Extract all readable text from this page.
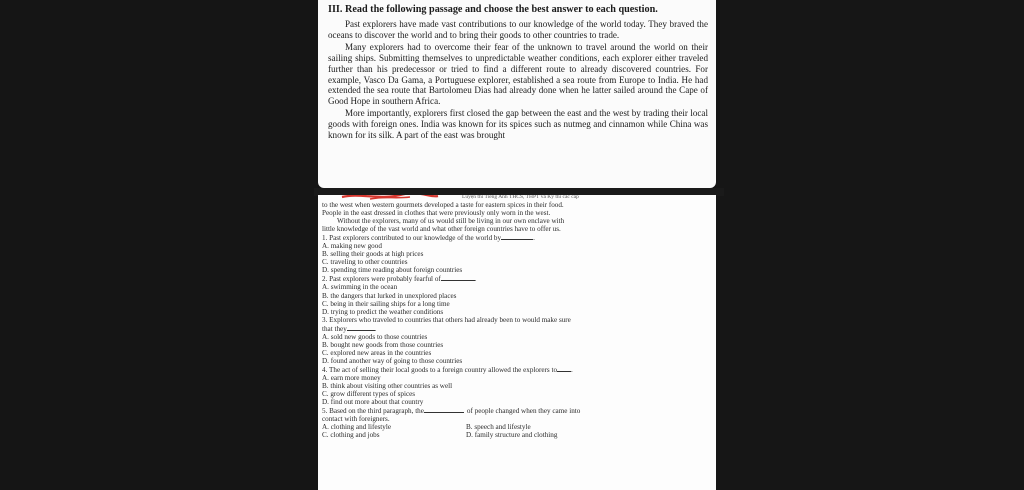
III. Read the following passage and choose the best answer to each question.

Past explorers have made vast contributions to our knowledge of the world today. They braved the oceans to discover the world and to bring their goods to other countries to trade.

Many explorers had to overcome their fear of the unknown to travel around the world on their sailing ships. Submitting themselves to unpredictable weather conditions, each explorer either traveled further than his predecessor or tried to find a different route to already discovered countries. For example, Vasco Da Gama, a Portuguese explorer, established a sea route from Europe to India. He had extended the sea route that Bartolomeu Dias had already done when he latter sailed around the Cape of Good Hope in southern Africa.

More importantly, explorers first closed the gap between the east and the west by trading their local goods with foreign ones. India was known for its spices such as nutmeg and cinnamon while China was known for its silk. A part of the east was brought

Luyện thi Tiếng Anh THCS, THPT và Kỳ thi các cấp

to the west when western gourmets developed a taste for eastern spices in their food.

People in the east dressed in clothes that were previously only worn in the west.

Without the explorers, many of us would still be living in our own enclave with

little knowledge of the vast world and what other foreign countries have to offer us.

1. Past explorers contributed to our knowledge of the world by	.

A. making new good

B. selling their goods at high prices

C. traveling to other countries

D. spending time reading about foreign countries

2. Past explorers were probably fearful of	.

A. swimming in the ocean

B. the dangers that lurked in unexplored places

C. being in their sailing ships for a long time

D. trying to predict the weather conditions

3. Explorers who traveled to countries that others had already been to would make sure

that they	.

A. sold new goods to those countries

B. bought new goods from those countries

C. explored new areas in the countries

D. found another way of going to those countries

4. The act of selling their local goods to a foreign country allowed the explorers to .

A. earn more money

B. think about visiting other countries as well

C. grow different types of spices

D. find out more about that country

5. Based on the third paragraph, the	of people changed when they came into

contact with foreigners.

A. clothing and lifestyle	B. speech and lifestyle

C. clothing and jobs	D. family structure and clothing
